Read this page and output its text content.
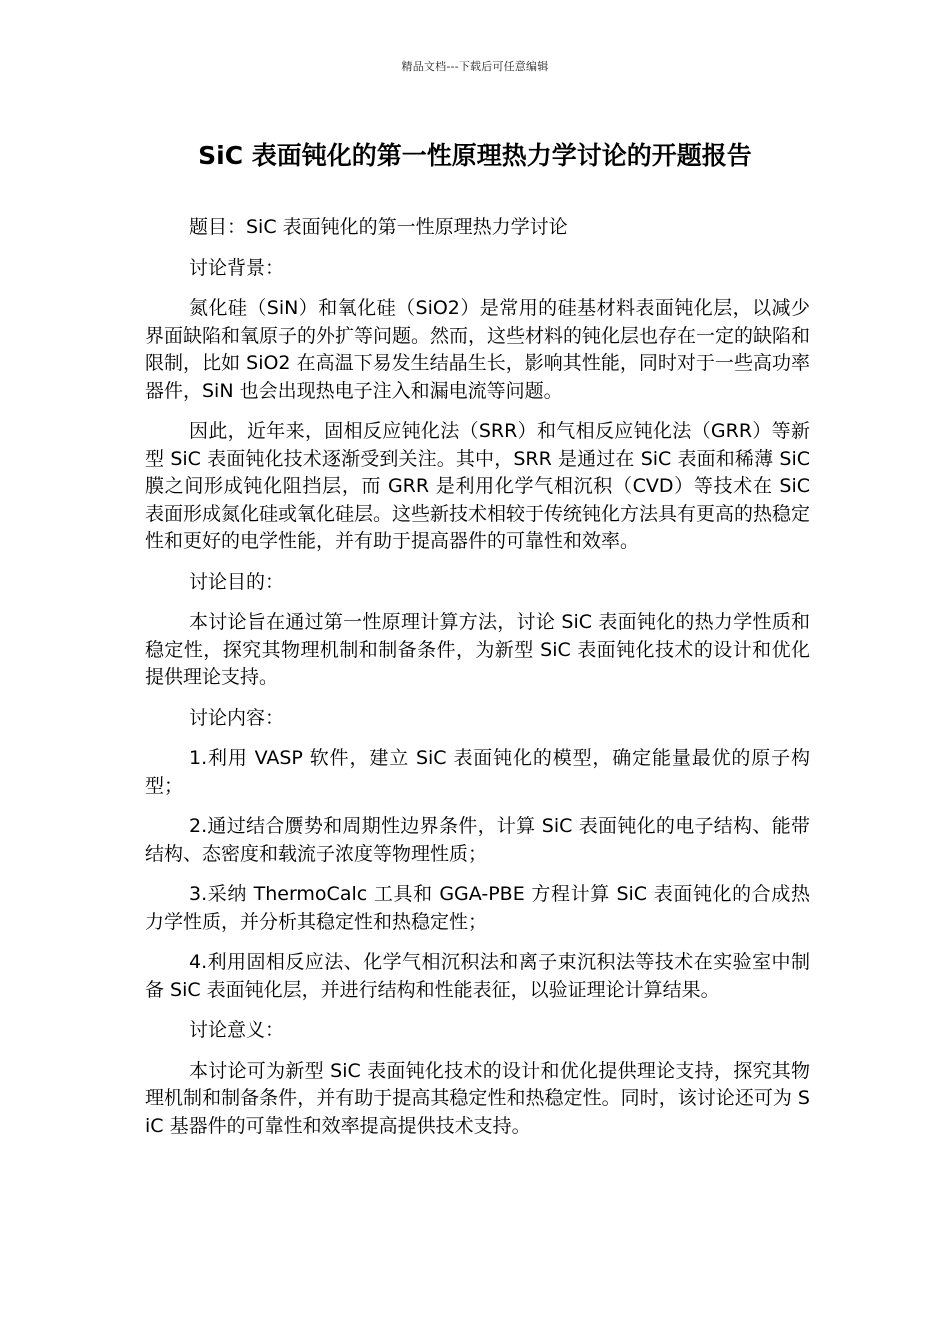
精品文档---下载后可任意编辑
SiC 表面钝化的第一性原理热力学讨论的开题报告

题目：SiC 表面钝化的第一性原理热力学讨论

讨论背景：

氮化硅（SiN）和氧化硅（SiO2）是常用的硅基材料表面钝化层，以减少界面缺陷和氧原子的外扩等问题。然而，这些材料的钝化层也存在一定的缺陷和限制，比如 SiO2 在高温下易发生结晶生长，影响其性能，同时对于一些高功率器件，SiN 也会出现热电子注入和漏电流等问题。

因此，近年来，固相反应钝化法（SRR）和气相反应钝化法（GRR）等新型 SiC 表面钝化技术逐渐受到关注。其中，SRR 是通过在 SiC 表面和稀薄 SiC 膜之间形成钝化阻挡层，而 GRR 是利用化学气相沉积（CVD）等技术在 SiC 表面形成氮化硅或氧化硅层。这些新技术相较于传统钝化方法具有更高的热稳定性和更好的电学性能，并有助于提高器件的可靠性和效率。

讨论目的：

本讨论旨在通过第一性原理计算方法，讨论 SiC 表面钝化的热力学性质和稳定性，探究其物理机制和制备条件，为新型 SiC 表面钝化技术的设计和优化提供理论支持。

讨论内容：

1.利用 VASP 软件，建立 SiC 表面钝化的模型，确定能量最优的原子构型；

2.通过结合赝势和周期性边界条件，计算 SiC 表面钝化的电子结构、能带结构、态密度和载流子浓度等物理性质；

3.采纳 ThermoCalc 工具和 GGA-PBE 方程计算 SiC 表面钝化的合成热力学性质，并分析其稳定性和热稳定性；

4.利用固相反应法、化学气相沉积法和离子束沉积法等技术在实验室中制备 SiC 表面钝化层，并进行结构和性能表征，以验证理论计算结果。

讨论意义：

本讨论可为新型 SiC 表面钝化技术的设计和优化提供理论支持，探究其物理机制和制备条件，并有助于提高其稳定性和热稳定性。同时，该讨论还可为 SiC 基器件的可靠性和效率提高提供技术支持。
